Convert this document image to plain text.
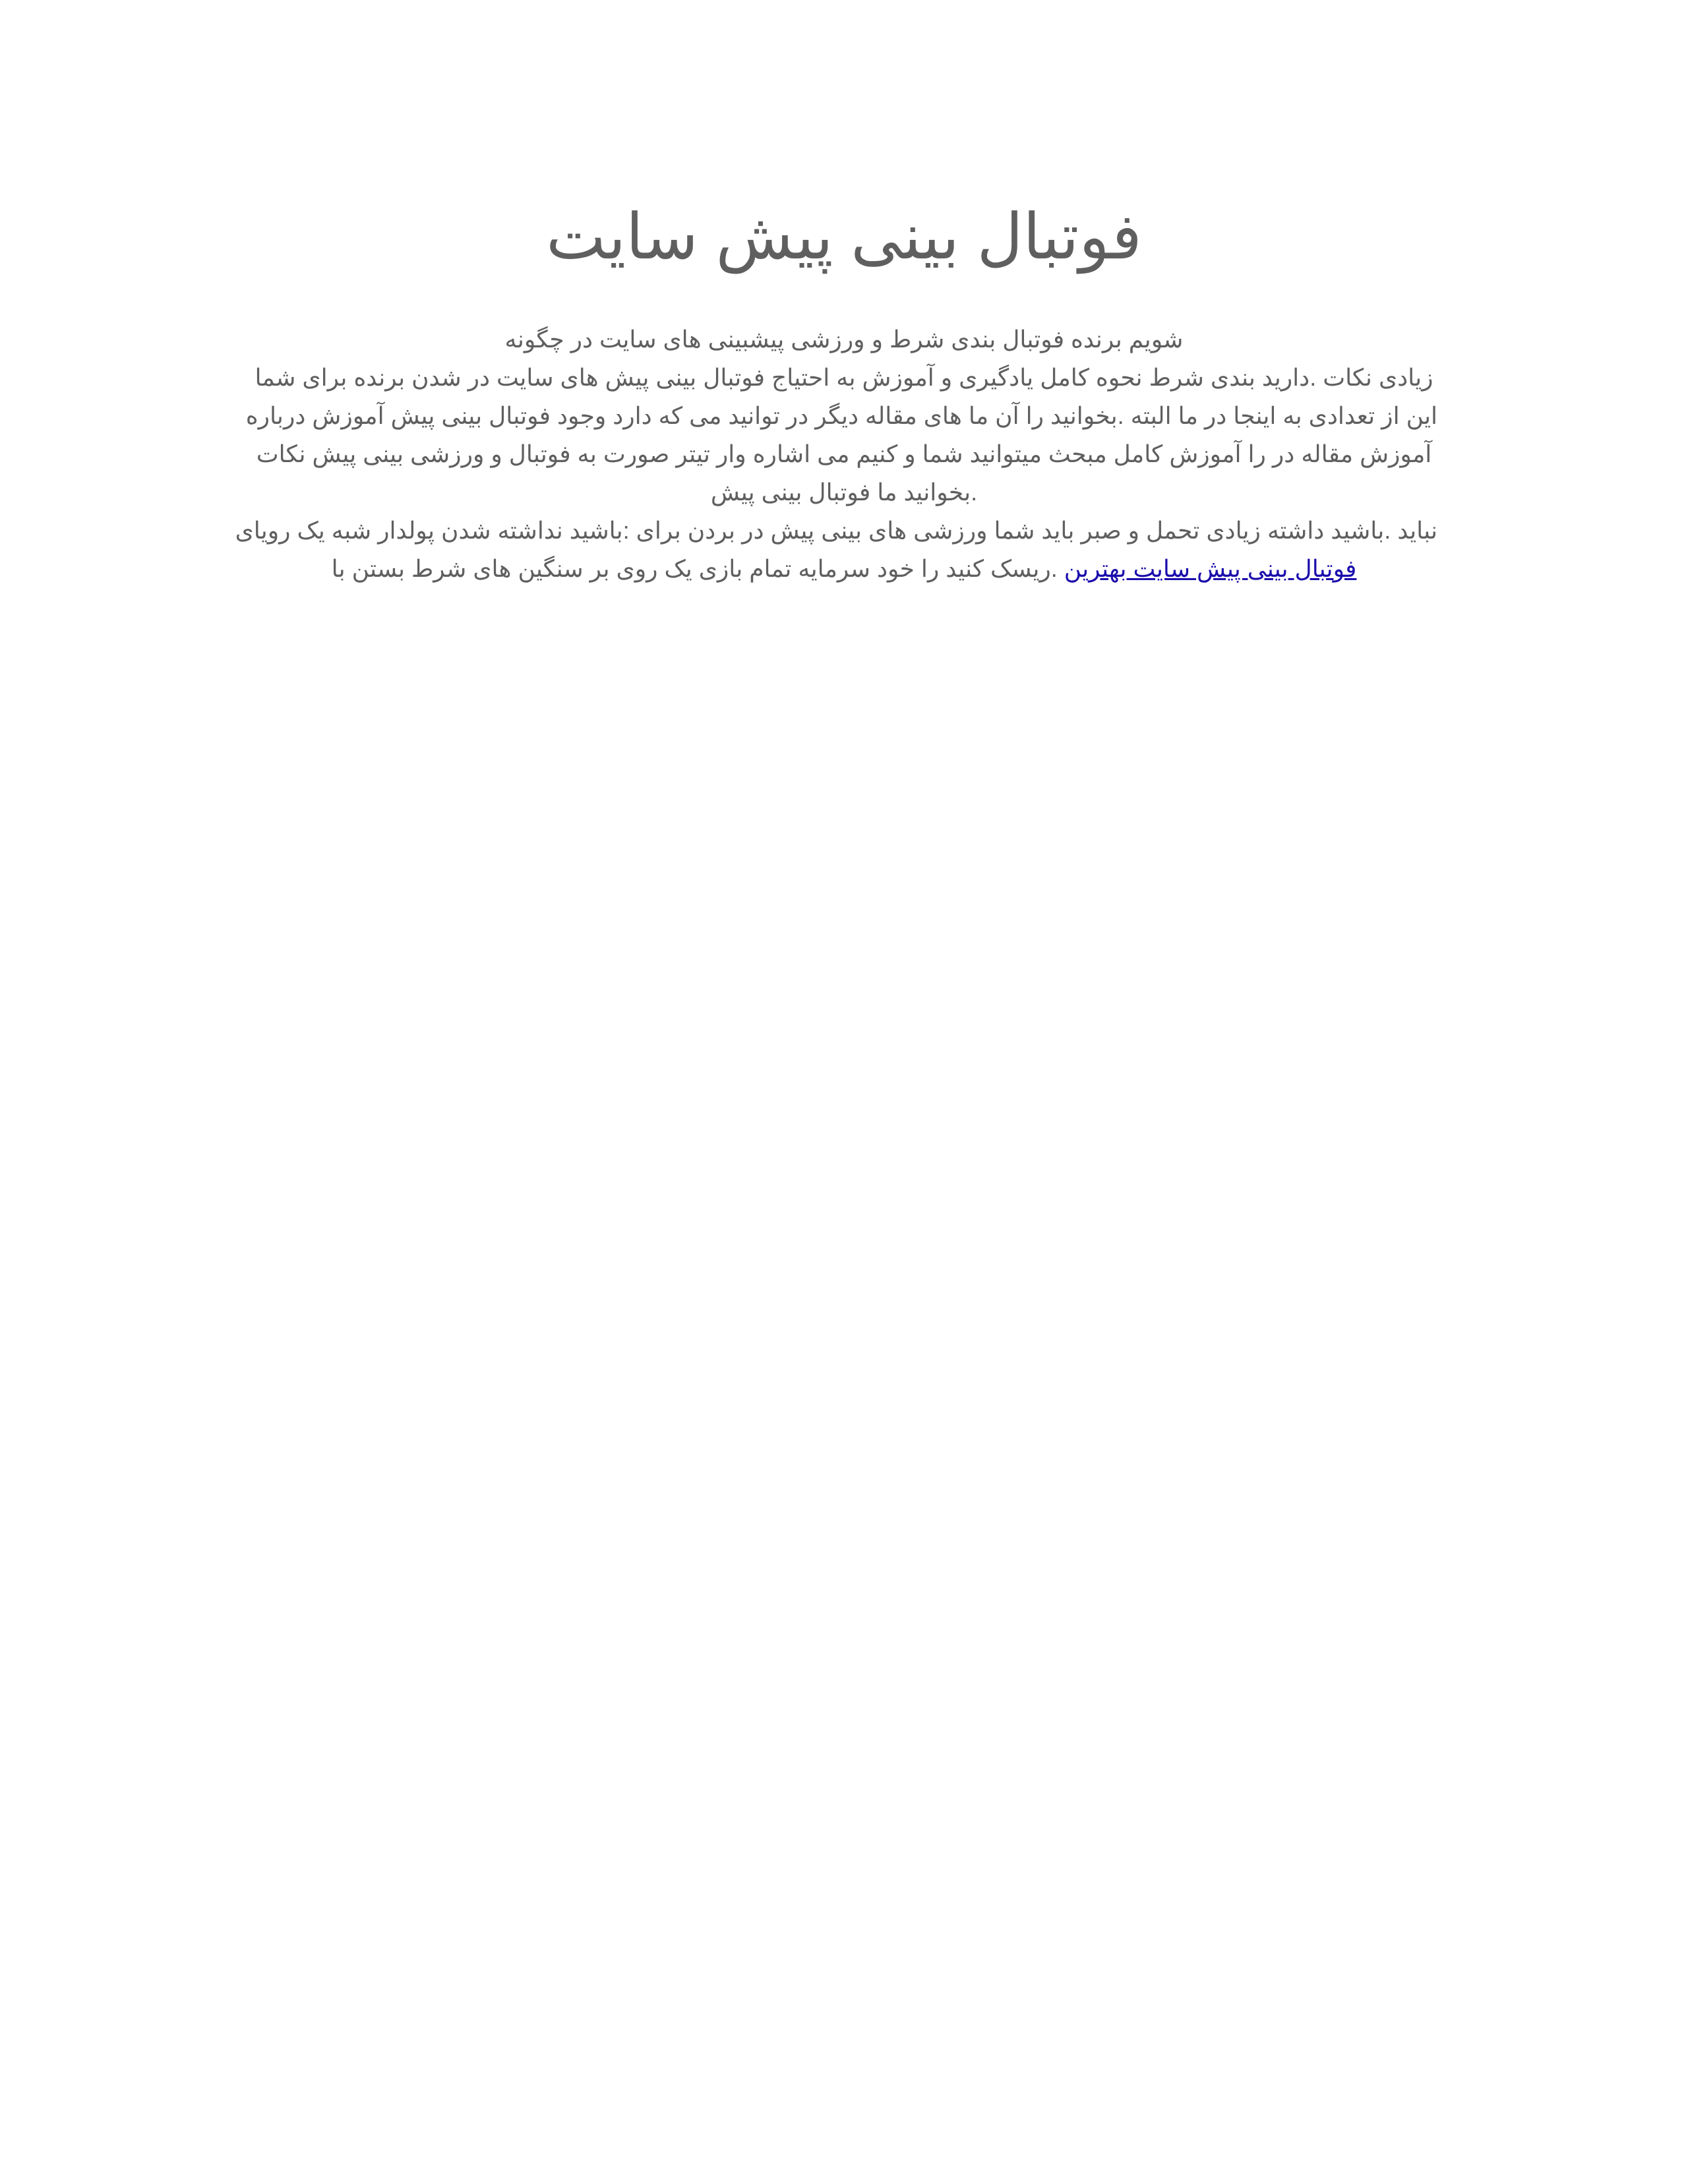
فوتبال بینی پیش سایت
شویم برنده فوتبال بندی شرط و ورزشی پیشبینی های سایت در چگونه
زیادی نکات .دارید بندی شرط نحوه کامل یادگیری و آموزش به احتیاج فوتبال بینی پیش های سایت در شدن برنده برای شما
این از تعدادی به اینجا در ما البته .بخوانید را آن ما های مقاله دیگر در توانید می که دارد وجود فوتبال بینی پیش آموزش درباره
آموزش مقاله در را آموزش کامل مبحث میتوانید شما و کنیم می اشاره وار تیتر صورت به فوتبال و ورزشی بینی پیش نکات
.بخوانید ما فوتبال بینی پیش
نباید .باشید داشته زیادی تحمل و صبر باید شما ورزشی های بینی پیش در بردن برای :باشید نداشته شدن پولدار شبه یک رویای
فوتبال بینی پیش سایت بهترین .ریسک کنید را خود سرمایه تمام بازی یک روی بر سنگین های شرط بستن با
